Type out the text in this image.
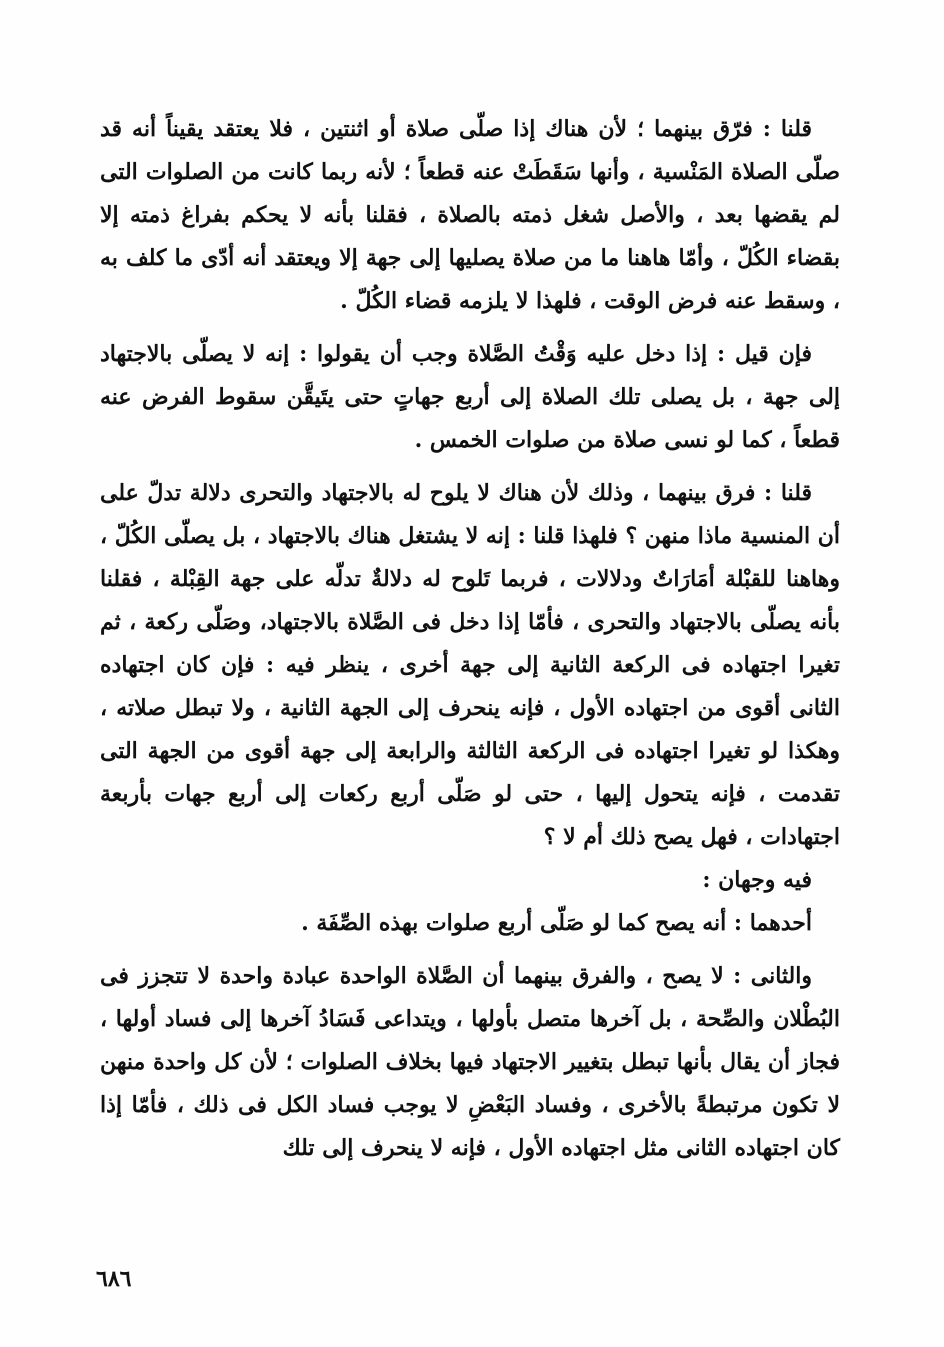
قلنا : فرّق بينهما ؛ لأن هناك إذا صلّى صلاة أو اثنتين ، فلا يعتقد يقيناً أنه قد صلّى الصلاة المَنْسية ، وأنها سَقَطَتْ عنه قطعاً ؛ لأنه ربما كانت من الصلوات التى لم يقضها بعد ، والأصل شغل ذمته بالصلاة ، فقلنا بأنه لا يحكم بفراغ ذمته إلا بقضاء الكُلّ ، وأمّا هاهنا ما من صلاة يصليها إلى جهة إلا ويعتقد أنه أدّى ما كلف به ، وسقط عنه فرض الوقت ، فلهذا لا يلزمه قضاء الكُلّ .

فإن قيل : إذا دخل عليه وَقْتُ الصَّلاة وجب أن يقولوا : إنه لا يصلّى بالاجتهاد إلى جهة ، بل يصلى تلك الصلاة إلى أربع جهاتٍ حتى يتَيقَّن سقوط الفرض عنه قطعاً ، كما لو نسى صلاة من صلوات الخمس .

قلنا : فرق بينهما ، وذلك لأن هناك لا يلوح له بالاجتهاد والتحرى دلالة تدلّ على أن المنسية ماذا منهن ؟ فلهذا قلنا : إنه لا يشتغل هناك بالاجتهاد ، بل يصلّى الكُلّ ، وهاهنا للقبْلة أمَارَاتٌ ودلالات ، فربما تَلوح له دلالةٌ تدلّه على جهة القِبْلة ، فقلنا بأنه يصلّى بالاجتهاد والتحرى ، فأمّا إذا دخل فى الصَّلاة بالاجتهاد، وصَلّى ركعة ، ثم تغيرا اجتهاده فى الركعة الثانية إلى جهة أخرى ، ينظر فيه : فإن كان اجتهاده الثانى أقوى من اجتهاده الأول ، فإنه ينحرف إلى الجهة الثانية ، ولا تبطل صلاته ، وهكذا لو تغيرا اجتهاده فى الركعة الثالثة والرابعة إلى جهة أقوى من الجهة التى تقدمت ، فإنه يتحول إليها ، حتى لو صَلّى أربع ركعات إلى أربع جهات بأربعة اجتهادات ، فهل يصح ذلك أم لا ؟

فيه وجهان :

أحدهما : أنه يصح كما لو صَلّى أربع صلوات بهذه الصِّفَة .

والثانى : لا يصح ، والفرق بينهما أن الصَّلاة الواحدة عبادة واحدة لا تتجزز فى البُطْلان والصِّحة ، بل آخرها متصل بأولها ، ويتداعى فَسَادُ آخرها إلى فساد أولها ، فجاز أن يقال بأنها تبطل بتغيير الاجتهاد فيها بخلاف الصلوات ؛ لأن كل واحدة منهن لا تكون مرتبطةً بالأخرى ، وفساد البَعْضِ لا يوجب فساد الكل فى ذلك ، فأمّا إذا كان اجتهاده الثانى مثل اجتهاده الأول ، فإنه لا ينحرف إلى تلك

٦٨٦
